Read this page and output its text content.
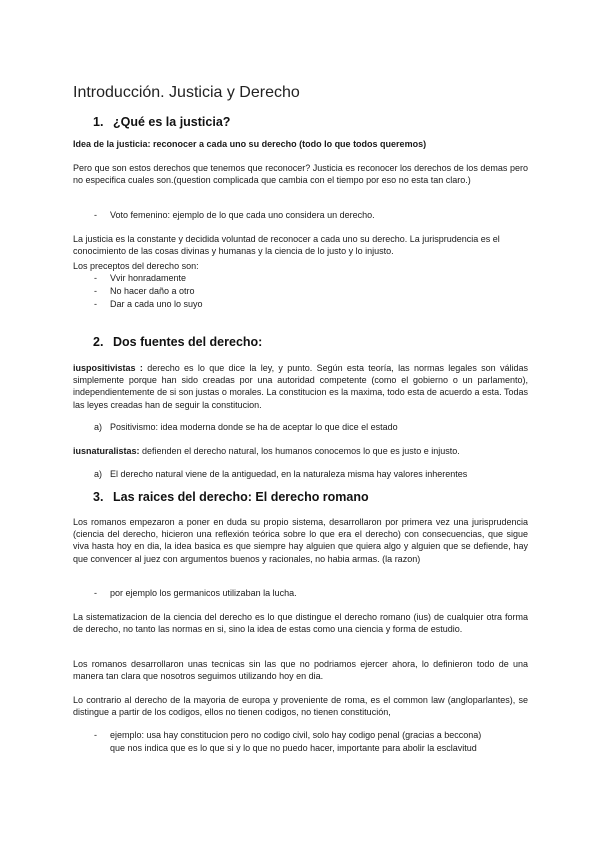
Introducción. Justicia y Derecho
1. ¿Qué es la justicia?

Idea de la justicia: reconocer a cada uno su derecho (todo lo que todos queremos)

Pero que son estos derechos que tenemos que reconocer? Justicia es reconocer los derechos de los demas pero no especifica cuales son.(question complicada que cambia con el tiempo por eso no esta tan claro.)

- Voto femenino: ejemplo de lo que cada uno considera un derecho.

La justicia es la constante y decidida voluntad de reconocer a cada uno su derecho. La jurisprudencia es el conocimiento de las cosas divinas y humanas y la ciencia de lo justo y lo injusto.

Los preceptos del derecho son:

- Vvir honradamente
- No hacer daño a otro
- Dar a cada uno lo suyo
2. Dos fuentes del derecho:

iuspositivistas : derecho es lo que dice la ley, y punto. Según esta teoría, las normas legales son válidas simplemente porque han sido creadas por una autoridad competente (como el gobierno o un parlamento), independientemente de si son justas o morales. La constitucion es la maxima, todo esta de acuerdo a esta. Todas las leyes creadas han de seguir la constitucion.

a) Positivismo: idea moderna donde se ha de aceptar lo que dice el estado

iusnaturalistas: defienden el derecho natural, los humanos conocemos lo que es justo e injusto.

a) El derecho natural viene de la antiguedad, en la naturaleza misma hay valores inherentes
3. Las raices del derecho: El derecho romano

Los romanos empezaron a poner en duda su propio sistema, desarrollaron por primera vez una jurisprudencia (ciencia del derecho, hicieron una reflexión teórica sobre lo que era el derecho) con consecuencias, que sigue viva hasta hoy en dia, la idea basica es que siempre hay alguien que quiera algo y alguien que se defiende, hay que convencer al juez con argumentos buenos y racionales, no habia armas. (la razon)

- por ejemplo los germanicos utilizaban la lucha.

La sistematizacion de la ciencia del derecho es lo que distingue el derecho romano (ius) de cualquier otra forma de derecho, no tanto las normas en si, sino la idea de estas como una ciencia y forma de estudio.

Los romanos desarrollaron unas tecnicas sin las que no podriamos ejercer ahora, lo definieron todo de una manera tan clara que nosotros seguimos utilizando hoy en dia.

Lo contrario al derecho de la mayoria de europa y proveniente de roma, es el common law (angloparlantes), se distingue a partir de los codigos, ellos no tienen codigos, no tienen constitución,

- ejemplo: usa hay constitucion pero no codigo civil, solo hay codigo penal (gracias a beccona)
que nos indica que es lo que si y lo que no puedo hacer, importante para abolir la esclavitud
